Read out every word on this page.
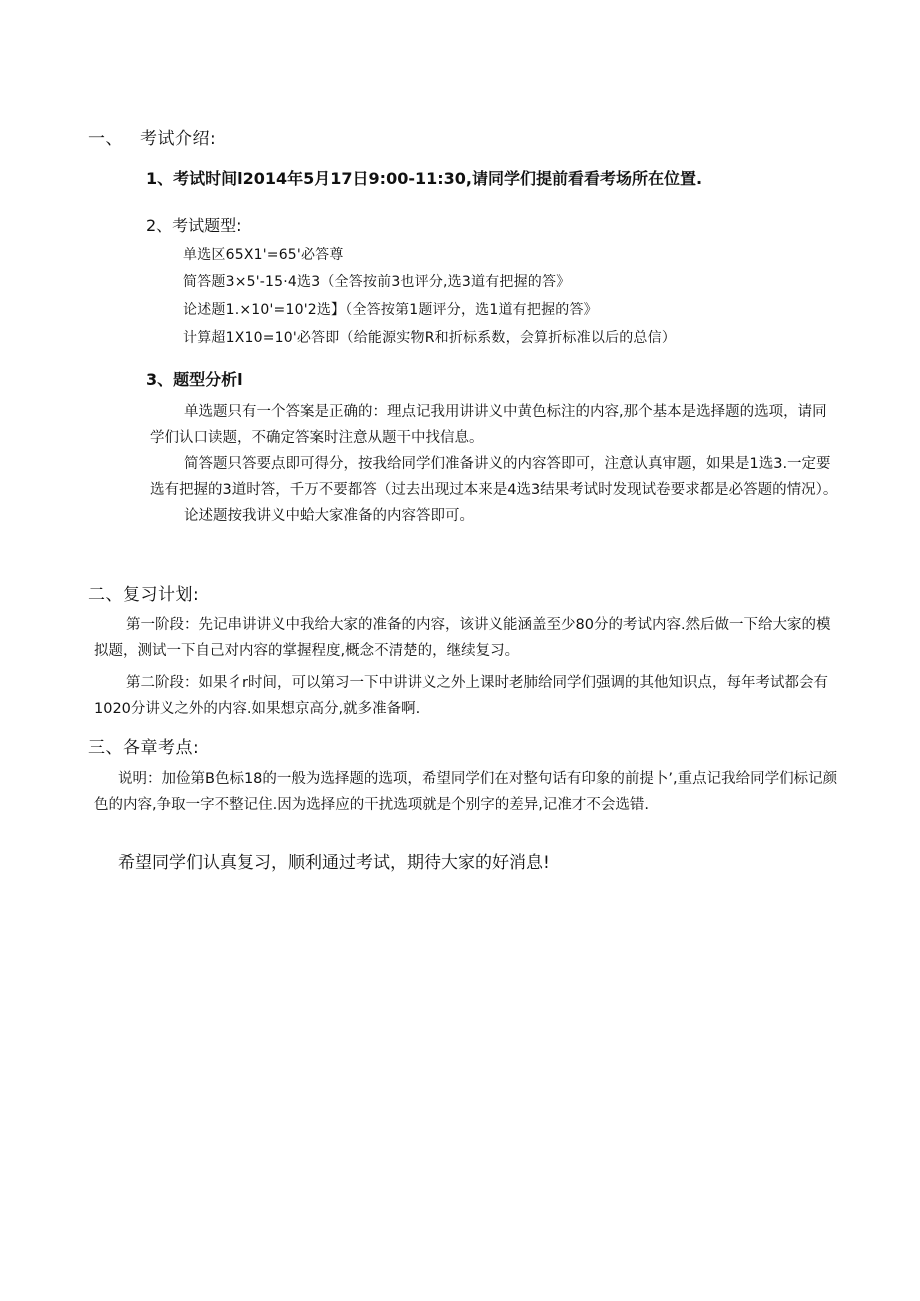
一、 考试介绍:
1、考试时间l2014年5月17日9:00-11:30,请同学们提前看看考场所在位置.
2、考试题型:
单选区65X1'=65'必答尊
简答题3×5'-15·4选3（全答按前3也评分,选3道有把握的答》
论述题1.×10'=10'2选】（全答按第1题评分，选1道有把握的答》
计算超1X10=10'必答即（给能源实物R和折标系数，会算折标准以后的总信）
3、题型分析l

单选题只有一个答案是正确的：理点记我用讲讲义中黄色标注的内容,那个基本是选择题的选项，请同学们认口读题，不确定答案时注意从题干中找信息。

简答题只答要点即可得分，按我给同学们准备讲义的内容答即可，注意认真审题，如果是1选3.一定要选有把握的3道时答，千万不要都答（过去出现过本来是4选3结果考试时发现试卷要求都是必答题的情况）。

论述题按我讲义中蛤大家准备的内容答即可。

二、复习计划:

第一阶段：先记串讲讲义中我给大家的准备的内容，该讲义能涵盖至少80分的考试内容.然后做一下给大家的模拟题，测试一下自己对内容的掌握程度,概念不清楚的，继续复习。

第二阶段：如果彳r时间，可以第习一下中讲讲义之外上课时老肺给同学们强调的其他知识点，每年考试都会有1020分讲义之外的内容.如果想京高分,就多准备啊.

三、各章考点:

说明：加俭第B色标18的一般为选择题的选项，希望同学们在对整句话有印象的前提卜’,重点记我给同学们标记颜色的内容,争取一字不整记住.因为选择应的干扰选项就是个别字的差异,记准才不会选错.

希望同学们认真复习，顺利通过考试，期待大家的好消息!
